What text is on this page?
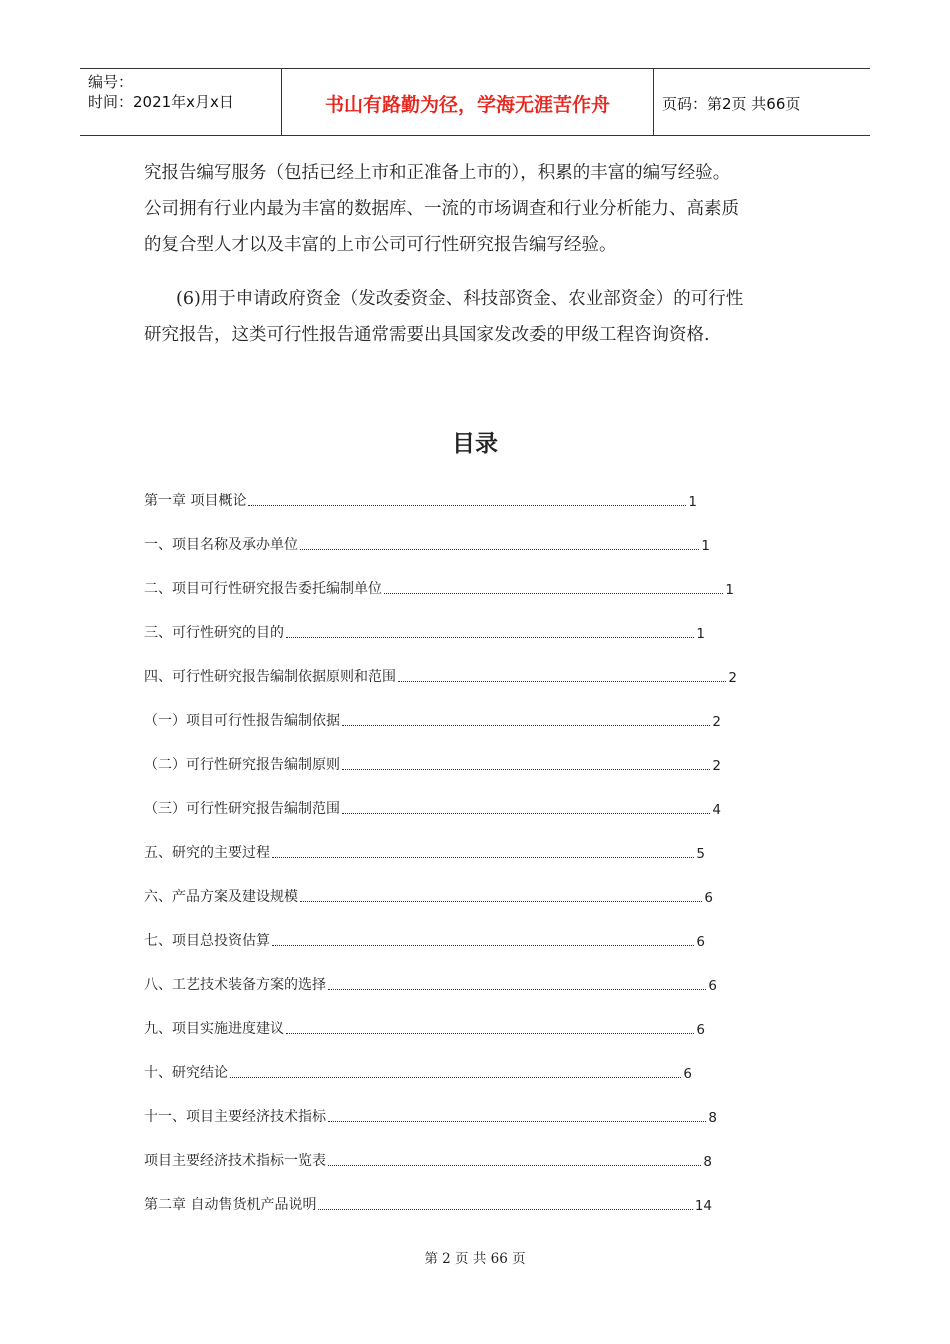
编号：
时间：2021年x月x日	书山有路勤为径，学海无涯苦作舟	页码：第2页 共66页
究报告编写服务（包括已经上市和正准备上市的），积累的丰富的编写经验。
公司拥有行业内最为丰富的数据库、一流的市场调查和行业分析能力、高素质
的复合型人才以及丰富的上市公司可行性研究报告编写经验。
(6)用于申请政府资金（发改委资金、科技部资金、农业部资金）的可行性
研究报告，这类可行性报告通常需要出具国家发改委的甲级工程咨询资格.
目录
第一章 项目概论	1
一、项目名称及承办单位	1
二、项目可行性研究报告委托编制单位	1
三、可行性研究的目的	1
四、可行性研究报告编制依据原则和范围	2
（一）项目可行性报告编制依据	2
（二）可行性研究报告编制原则	2
（三）可行性研究报告编制范围	4
五、研究的主要过程	5
六、产品方案及建设规模	6
七、项目总投资估算	6
八、工艺技术装备方案的选择	6
九、项目实施进度建议	6
十、研究结论	6
十一、项目主要经济技术指标	8
项目主要经济技术指标一览表	8
第二章 自动售货机产品说明	14
第 2 页 共 66 页
